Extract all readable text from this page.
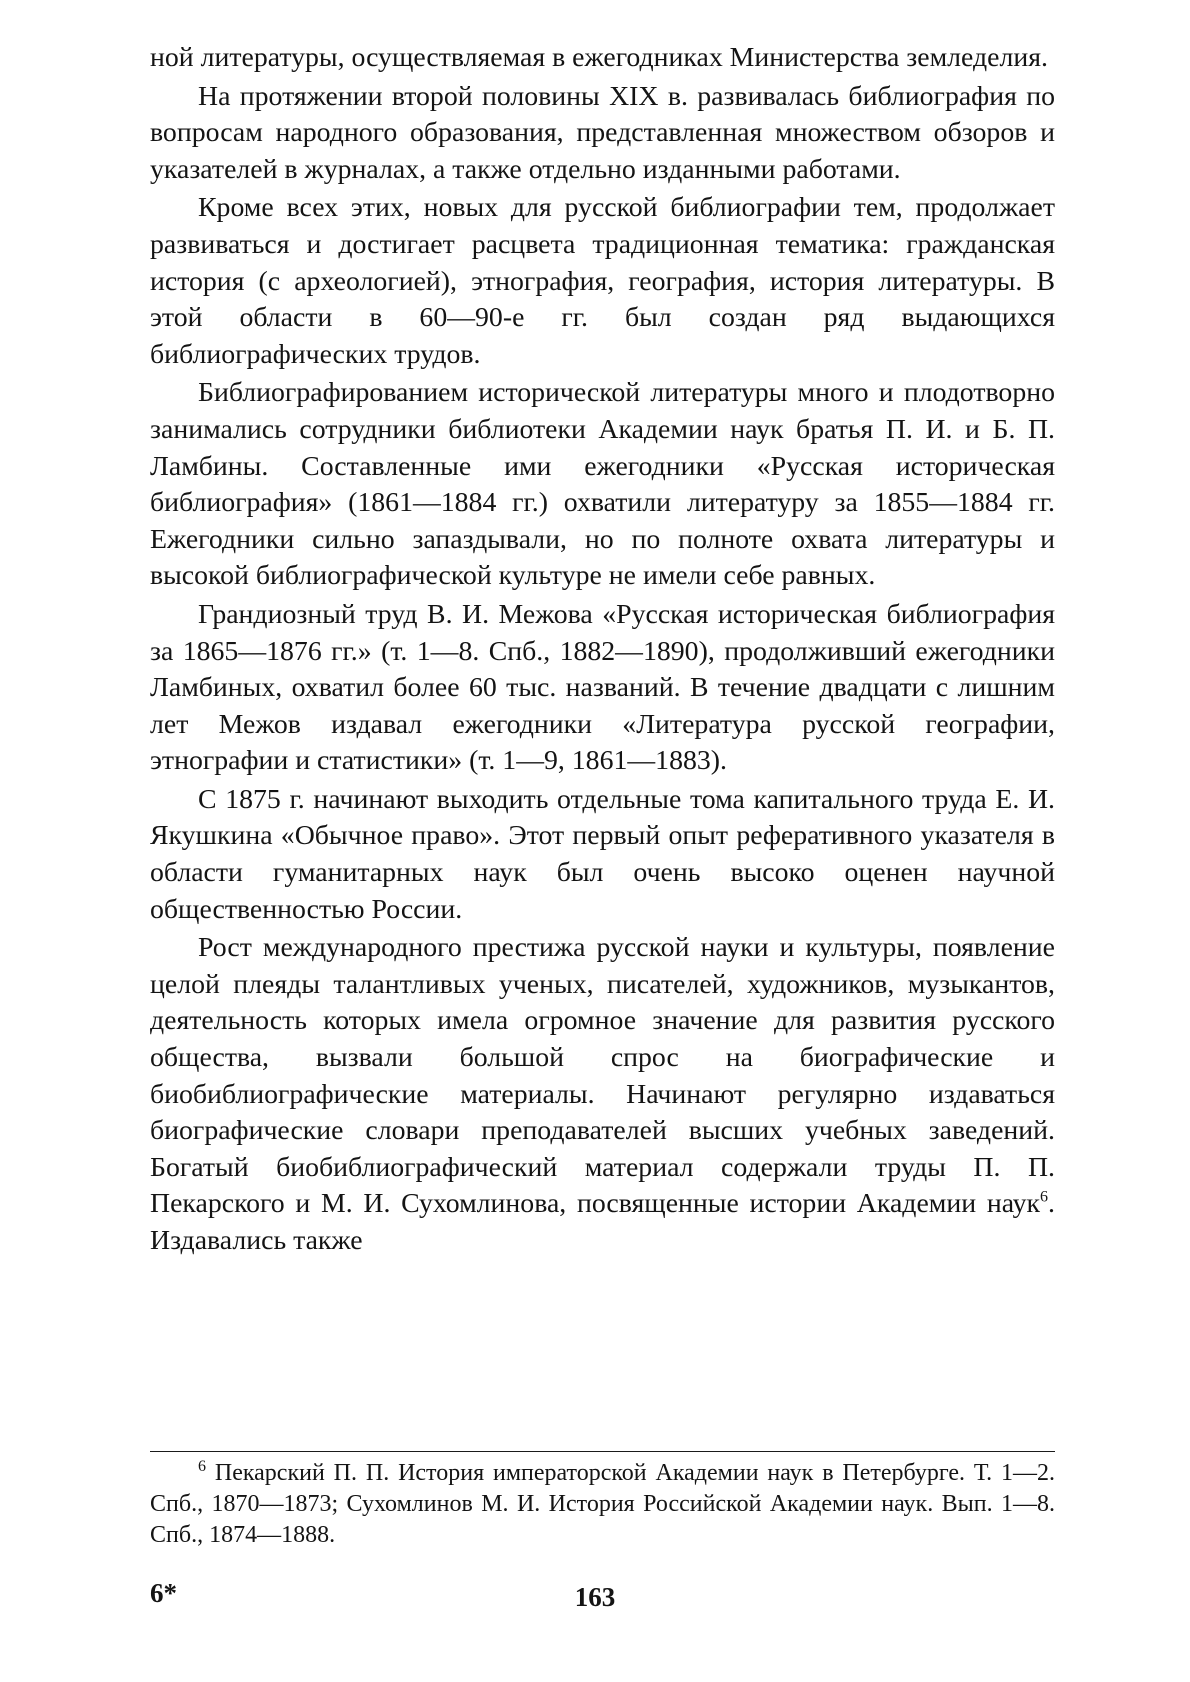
ной литературы, осуществляемая в ежегодниках Министерства земледелия.

На протяжении второй половины XIX в. развивалась библиография по вопросам народного образования, представленная множеством обзоров и указателей в журналах, а также отдельно изданными работами.

Кроме всех этих, новых для русской библиографии тем, продолжает развиваться и достигает расцвета традиционная тематика: гражданская история (с археологией), этнография, география, история литературы. В этой области в 60—90-е гг. был создан ряд выдающихся библиографических трудов.

Библиографированием исторической литературы много и плодотворно занимались сотрудники библиотеки Академии наук братья П. И. и Б. П. Ламбины. Составленные ими ежегодники «Русская историческая библиография» (1861—1884 гг.) охватили литературу за 1855—1884 гг. Ежегодники сильно запаздывали, но по полноте охвата литературы и высокой библиографической культуре не имели себе равных.

Грандиозный труд В. И. Межова «Русская историческая библиография за 1865—1876 гг.» (т. 1—8. Спб., 1882—1890), продолживший ежегодники Ламбиных, охватил более 60 тыс. названий. В течение двадцати с лишним лет Межов издавал ежегодники «Литература русской географии, этнографии и статистики» (т. 1—9, 1861—1883).

С 1875 г. начинают выходить отдельные тома капитального труда Е. И. Якушкина «Обычное право». Этот первый опыт реферативного указателя в области гуманитарных наук был очень высоко оценен научной общественностью России.

Рост международного престижа русской науки и культуры, появление целой плеяды талантливых ученых, писателей, художников, музыкантов, деятельность которых имела огромное значение для развития русского общества, вызвали большой спрос на биографические и биобиблиографические материалы. Начинают регулярно издаваться биографические словари преподавателей высших учебных заведений. Богатый биобиблиографический материал содержали труды П. П. Пекарского и М. И. Сухомлинова, посвященные истории Академии наук$^6$. Издавались также

$^6$ Пекарский П. П. История императорской Академии наук в Петербурге. Т. 1—2. Спб., 1870—1873; Сухомлинов М. И. История Российской Академии наук. Вып. 1—8. Спб., 1874—1888.

6*	163
